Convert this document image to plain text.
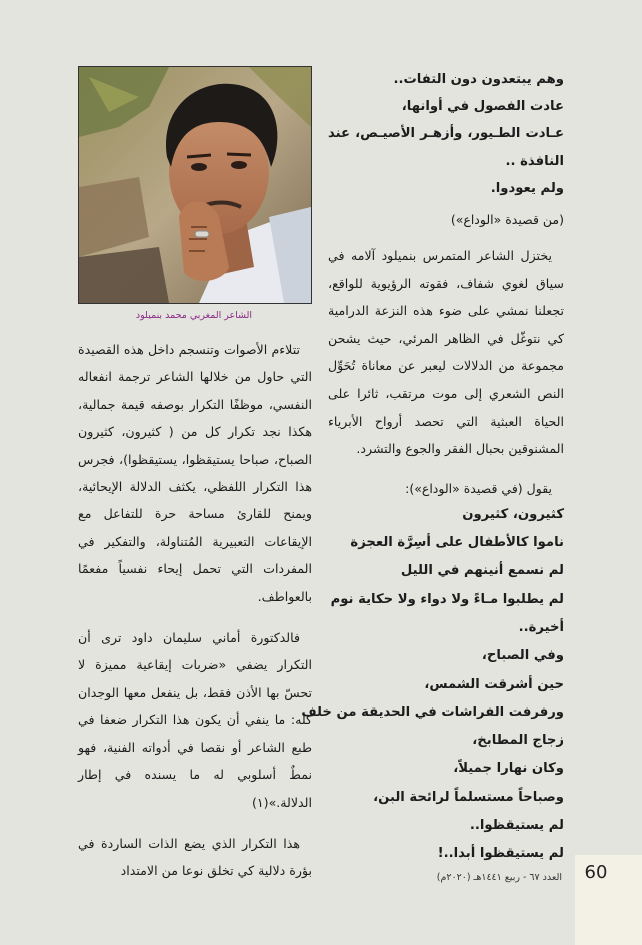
وهم يبتعدون دون التفات..

عادت الفصول في أوانها،

عـادت الطـيور، وأزهـر الأصيـص، عند

النافذة ..

ولم يعودوا.

(من قصيدة «الوداع»)

يختزل الشاعر المتمرس بنميلود آلامه في سياق لغوي شفاف، فقوته الرؤيوية للواقع، تجعلنا نمشي على ضوء هذه النزعة الدرامية كي نتوغّل في الظاهر المرئي، حيث يشحن مجموعة من الدلالات ليعبر عن معاناة تُحَوِّل النص الشعري إلى موت مرتقب، ثائرا على الحياة العبثية التي تحصد أرواح الأبرياء المشنوقين بحبال الفقر والجوع والتشرد.

يقول (في قصيدة «الوداع»):

كثيرون، كثيرون

ناموا كالأطفال على أسِرَّة العجزة

لم نسمع أنينهم في الليل

لم يطلبوا مـاءً ولا دواء ولا حكاية نوم

أخيرة..

وفي الصباح،

حين أشرقت الشمس،

ورفرفت الفراشات في الحديقة من خلف

زجاج المطابخ،

وكان نهارا جميلاً،

وصباحاً مستسلماً لرائحة البن،

لم يستيقظوا..

لم يستيقظوا أبدا..!

الشاعر المغربي محمد بنميلود

تتلاءم الأصوات وتنسجم داخل هذه القصيدة التي حاول من خلالها الشاعر ترجمة انفعاله النفسي، موظفًا التكرار بوصفه قيمة جمالية، هكذا نجد تكرار كل من ( كثيرون، كثيرون الصباح، صباحا يستيقظوا، يستيقظوا)، فجرس هذا التكرار اللفظي، يكثف الدلالة الإيحائية، ويمنح للقارئ مساحة حرة للتفاعل مع الإيقاعات التعبيرية المُتناولة، والتفكير في المفردات التي تحمل إيحاء نفسياً مفعمًا بالعواطف.

فالدكتورة أماني سليمان داود ترى أن التكرار يضفي «ضربات إيقاعية مميزة لا تحسّ بها الأذن فقط، بل ينفعل معها الوجدان كله: ما ينفي أن يكون هذا التكرار ضعفا في طبع الشاعر أو نقصا في أدواته الفنية، فهو نمطٌ أسلوبي له ما يسنده في إطار الدلالة.»(١)

هذا التكرار الذي يضع الذات الساردة في بؤرة دلالية كي تخلق نوعا من الامتداد	60
العدد ٦٧ - ربيع ١٤٤١هـ (٢٠٢٠م)
